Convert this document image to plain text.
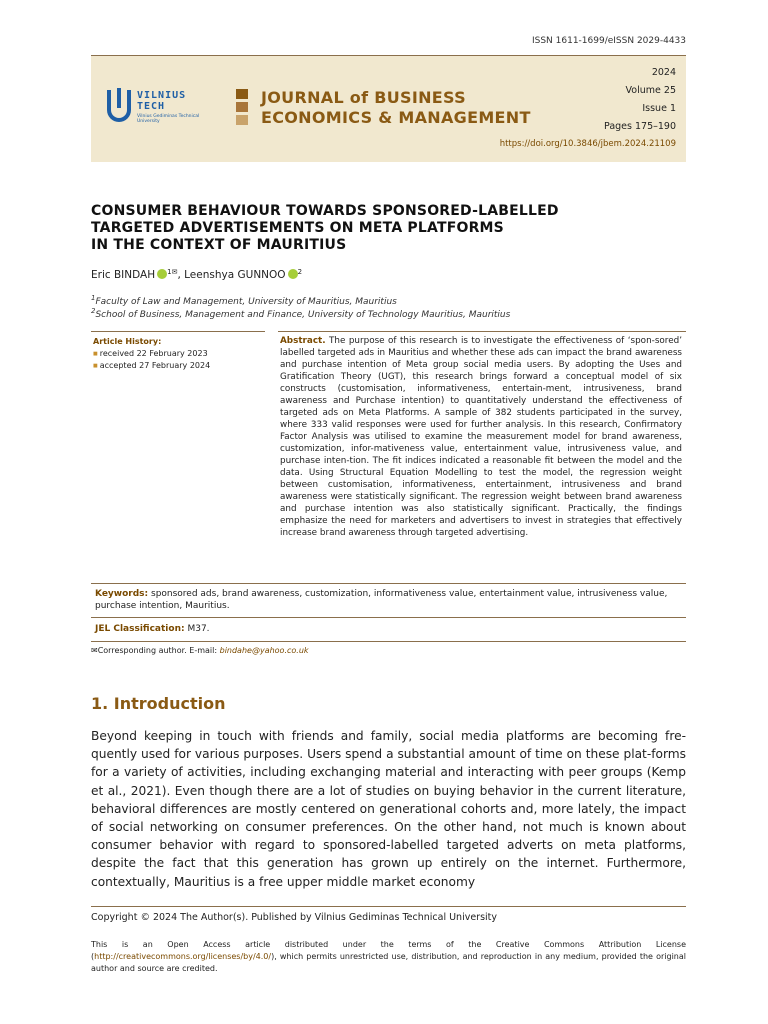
ISSN 1611-1699/eISSN 2029-4433
VILNIUS
TECH
Vilnius Gediminas Technical University
JOURNAL of BUSINESS
ECONOMICS & MANAGEMENT
2024
Volume 25
Issue 1
Pages 175–190
https://doi.org/10.3846/jbem.2024.21109
CONSUMER BEHAVIOUR TOWARDS SPONSORED-LABELLED
TARGETED ADVERTISEMENTS ON META PLATFORMS
IN THE CONTEXT OF MAURITIUS
Eric BINDAH $^{1✉}$, Leenshya GUNNOO $^2$
$^1$Faculty of Law and Management, University of Mauritius, Mauritius
$^2$School of Business, Management and Finance, University of Technology Mauritius, Mauritius
Article History:
■ received 22 February 2023
■ accepted 27 February 2024
Abstract. The purpose of this research is to investigate the effectiveness of ‘spon-sored’ labelled targeted ads in Mauritius and whether these ads can impact the brand awareness and purchase intention of Meta group social media users. By adopting the Uses and Gratification Theory (UGT), this research brings forward a conceptual model of six constructs (customisation, informativeness, entertain-ment, intrusiveness, brand awareness and Purchase intention) to quantitatively understand the effectiveness of targeted ads on Meta Platforms. A sample of 382 students participated in the survey, where 333 valid responses were used for further analysis. In this research, Confirmatory Factor Analysis was utilised to examine the measurement model for brand awareness, customization, infor-mativeness value, entertainment value, intrusiveness value, and purchase inten-tion. The fit indices indicated a reasonable fit between the model and the data. Using Structural Equation Modelling to test the model, the regression weight between customisation, informativeness, entertainment, intrusiveness and brand awareness were statistically significant. The regression weight between brand awareness and purchase intention was also statistically significant. Practically, the findings emphasize the need for marketers and advertisers to invest in strategies that effectively increase brand awareness through targeted advertising.
Keywords: sponsored ads, brand awareness, customization, informativeness value, entertainment value, intrusiveness value, purchase intention, Mauritius.
JEL Classification: M37.
✉Corresponding author. E-mail: bindahe@yahoo.co.uk
1. Introduction
Beyond keeping in touch with friends and family, social media platforms are becoming fre-quently used for various purposes. Users spend a substantial amount of time on these plat-forms for a variety of activities, including exchanging material and interacting with peer groups (Kemp et al., 2021). Even though there are a lot of studies on buying behavior in the current literature, behavioral differences are mostly centered on generational cohorts and, more lately, the impact of social networking on consumer preferences. On the other hand, not much is known about consumer behavior with regard to sponsored-labelled targeted adverts on meta platforms, despite the fact that this generation has grown up entirely on the internet. Furthermore, contextually, Mauritius is a free upper middle market economy
Copyright © 2024 The Author(s). Published by Vilnius Gediminas Technical University
This is an Open Access article distributed under the terms of the Creative Commons Attribution License (http://creativecommons.org/licenses/by/4.0/), which permits unrestricted use, distribution, and reproduction in any medium, provided the original author and source are credited.
